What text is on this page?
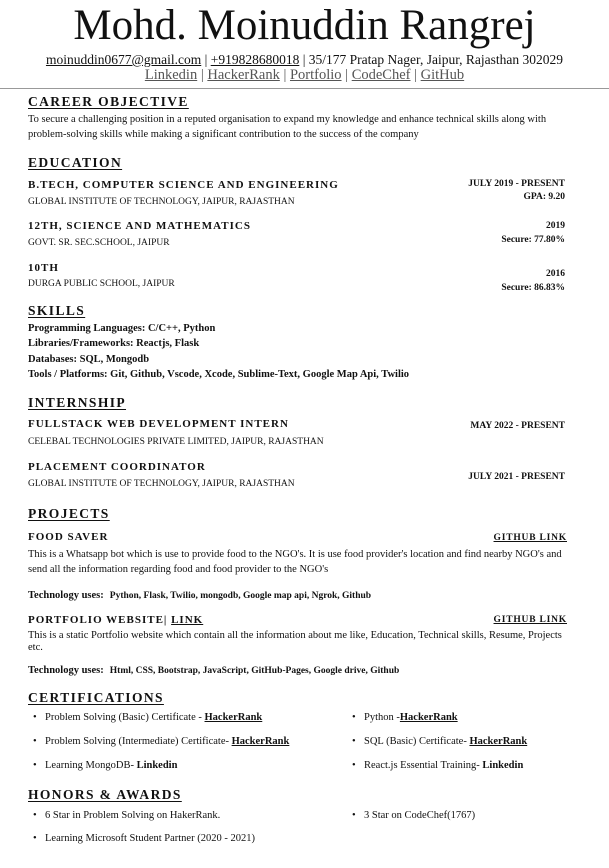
Mohd. Moinuddin Rangrej
moinuddin0677@gmail.com | +919828680018 | 35/177 Pratap Nager, Jaipur, Rajasthan 302029
Linkedin | HackerRank | Portfolio | CodeChef | GitHub
CAREER OBJECTIVE
To secure a challenging position in a reputed organisation to expand my knowledge and enhance technical skills along with problem-solving skills while making a significant contribution to the success of the company
EDUCATION
B.TECH, COMPUTER SCIENCE AND ENGINEERING
GLOBAL INSTITUTE OF TECHNOLOGY, JAIPUR, RAJASTHAN
JULY 2019 - PRESENT
GPA: 9.20
12TH, SCIENCE AND MATHEMATICS
GOVT. SR. SEC.SCHOOL, JAIPUR
2019
Secure: 77.80%
10TH
DURGA PUBLIC SCHOOL, JAIPUR
2016
Secure: 86.83%
SKILLS
Programming Languages: C/C++, Python
Libraries/Frameworks: Reactjs, Flask
Databases: SQL, Mongodb
Tools / Platforms: Git, Github, Vscode, Xcode, Sublime-Text, Google Map Api, Twilio
INTERNSHIP
FULLSTACK WEB DEVELOPMENT INTERN
CELEBAL TECHNOLOGIES PRIVATE LIMITED, JAIPUR, RAJASTHAN
MAY 2022 - PRESENT
PLACEMENT COORDINATOR
GLOBAL INSTITUTE OF TECHNOLOGY, JAIPUR, RAJASTHAN
JULY 2021 - PRESENT
PROJECTS
FOOD SAVER	GITHUB LINK
This is a Whatsapp bot which is use to provide food to the NGO's. It is use food provider's location and find nearby NGO's and send all the information regarding food and food provider to the NGO's
Technology uses: Python, Flask, Twilio, mongodb, Google map api, Ngrok, Github
PORTFOLIO WEBSITE| LINK	GITHUB LINK
This is a static Portfolio website which contain all the information about me like, Education, Technical skills, Resume, Projects etc.
Technology uses: Html, CSS, Bootstrap, JavaScript, GitHub-Pages, Google drive, Github
CERTIFICATIONS
• Problem Solving (Basic) Certificate - HackerRank	• Python -HackerRank
• Problem Solving (Intermediate) Certificate- HackerRank	• SQL (Basic) Certificate- HackerRank
• Learning MongoDB- Linkedin	• React.js Essential Training- Linkedin
HONORS & AWARDS
• 6 Star in Problem Solving on HakerRank.	• 3 Star on CodeChef(1767)
• Learning Microsoft Student Partner (2020 - 2021)
